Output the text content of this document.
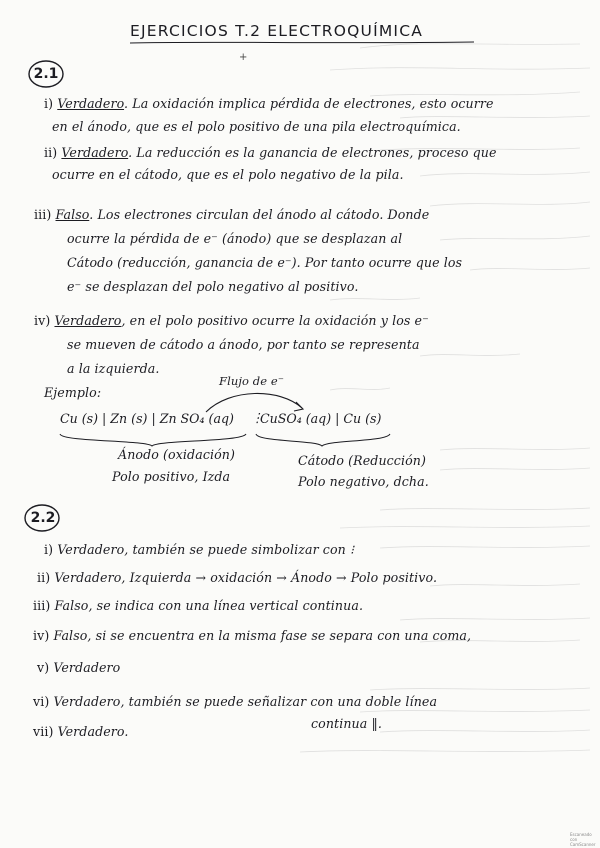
EJERCICIOS T.2 ELECTROQUÍMICA
+
2.1
i) Verdadero. La oxidación implica pérdida de electrones, esto ocurre
en el ánodo, que es el polo positivo de una pila electroquímica.
ii) Verdadero. La reducción es la ganancia de electrones, proceso que
ocurre en el cátodo, que es el polo negativo de la pila.
iii) Falso. Los electrones circulan del ánodo al cátodo. Donde
ocurre la pérdida de e⁻ (ánodo) que se desplazan al
Cátodo (reducción, ganancia de e⁻). Por tanto ocurre que los
e⁻ se desplazan del polo negativo al positivo.
iv) Verdadero, en el polo positivo ocurre la oxidación y los e⁻
se mueven de cátodo a ánodo, por tanto se representa
a la izquierda.
Ejemplo:
Flujo de e⁻
Cu (s) | Zn (s) | Zn SO₄ (aq) ⋮
CuSO₄ (aq) | Cu (s)
Ánodo (oxidación)
Polo positivo, Izda
Cátodo (Reducción)
Polo negativo, dcha.
2.2
i) Verdadero, también se puede simbolizar con ⁝
ii) Verdadero, Izquierda → oxidación → Ánodo → Polo positivo.
iii) Falso, se indica con una línea vertical continua.
iv) Falso, si se encuentra en la misma fase se separa con una coma,
v) Verdadero
vi) Verdadero, también se puede señalizar con una doble línea
continua ‖.
vii) Verdadero.
Escaneado con CamScanner
